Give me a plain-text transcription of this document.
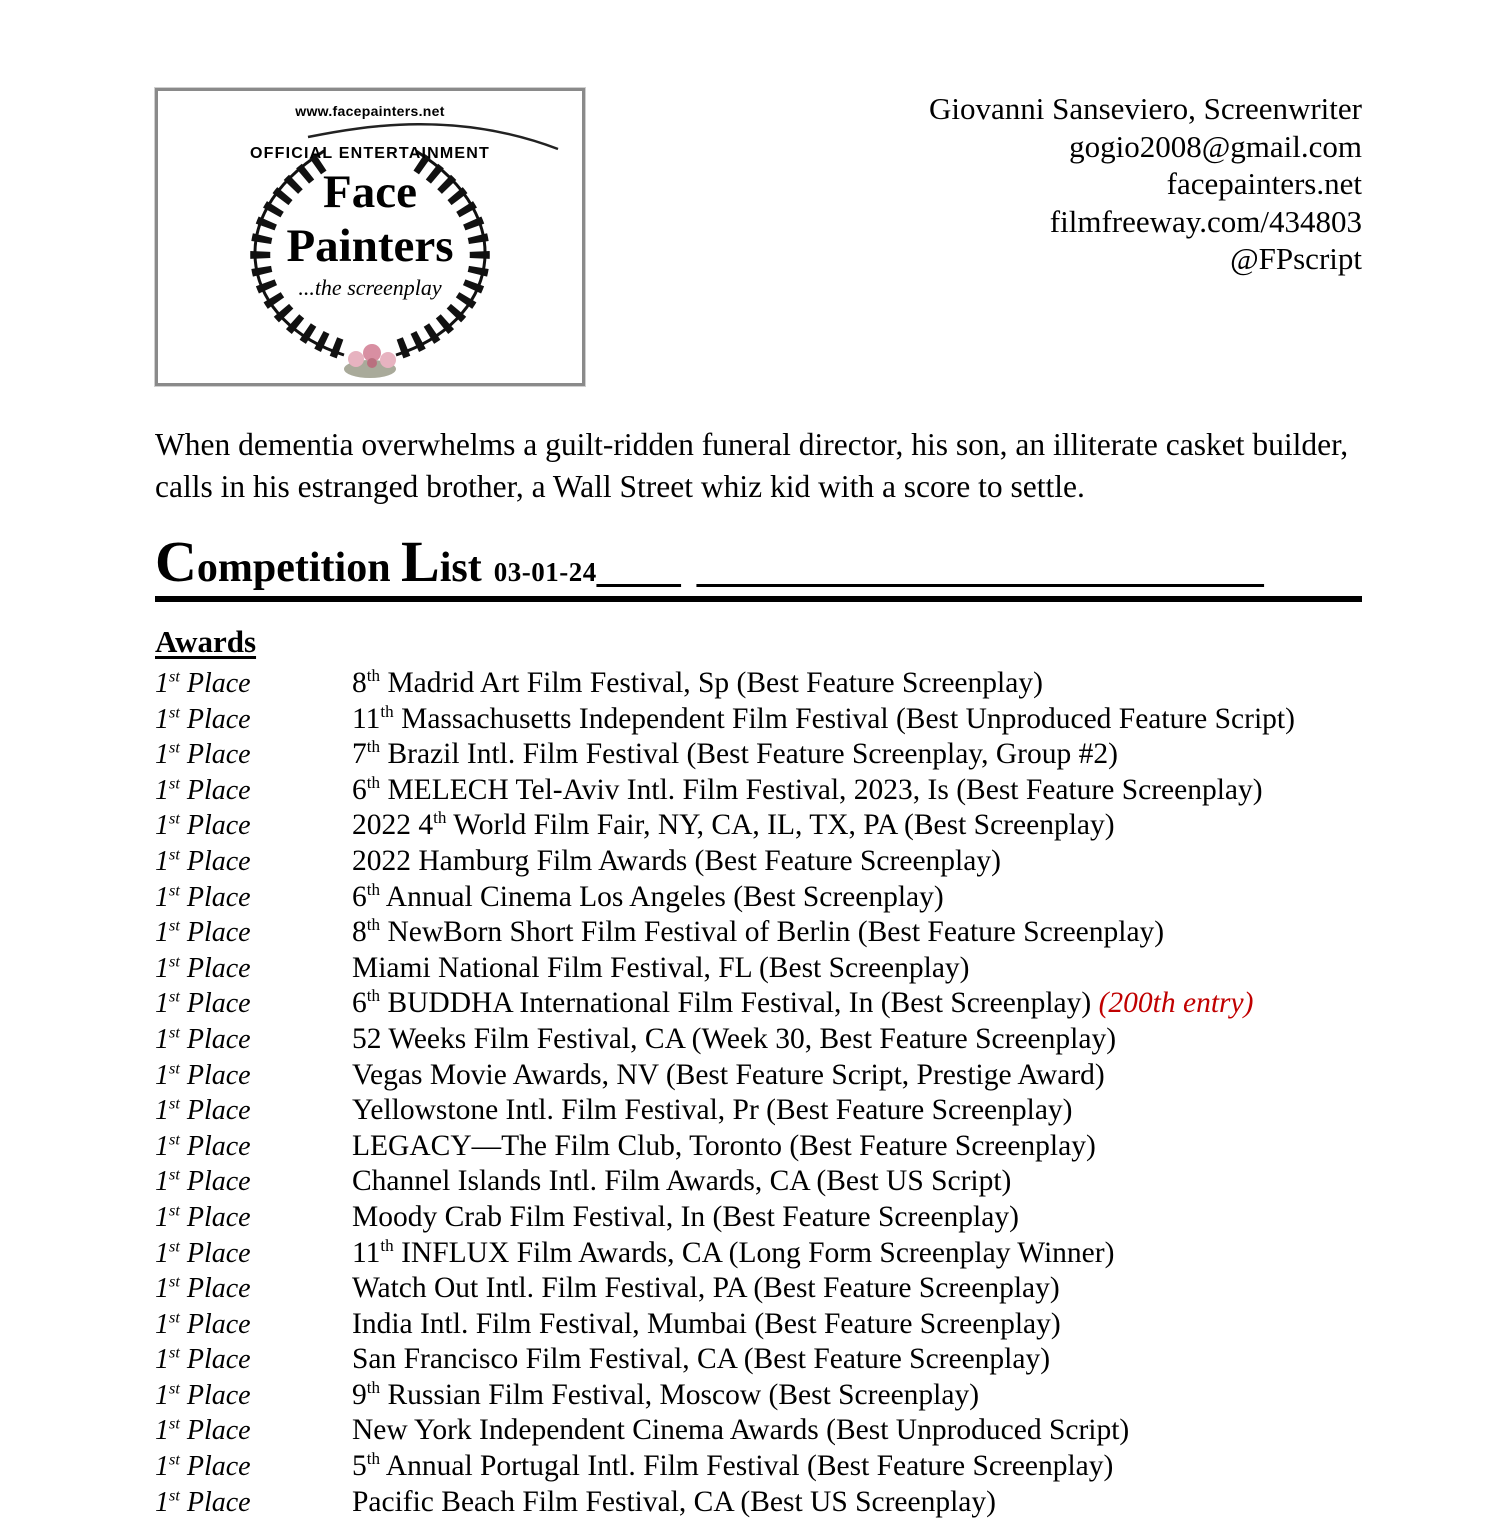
www.facepainters.net
OFFICIAL ENTERTAINMENT
Face
Painters
...the screenplay
Giovanni Sanseviero, Screenwriter
gogio2008@gmail.com
facepainters.net
filmfreeway.com/434803
@FPscript

When dementia overwhelms a guilt-ridden funeral director, his son, an illiterate casket builder, calls in his estranged brother, a Wall Street whiz kid with a score to settle.

Competition List 03-01-24____ ___________________________
Awards
1st Place	8th Madrid Art Film Festival, Sp (Best Feature Screenplay)
1st Place	11th Massachusetts Independent Film Festival (Best Unproduced Feature Script)
1st Place	7th Brazil Intl. Film Festival (Best Feature Screenplay, Group #2)
1st Place	6th MELECH Tel-Aviv Intl. Film Festival, 2023, Is (Best Feature Screenplay)
1st Place	2022 4th World Film Fair, NY, CA, IL, TX, PA (Best Screenplay)
1st Place	2022 Hamburg Film Awards (Best Feature Screenplay)
1st Place	6th Annual Cinema Los Angeles (Best Screenplay)
1st Place	8th NewBorn Short Film Festival of Berlin (Best Feature Screenplay)
1st Place	Miami National Film Festival, FL (Best Screenplay)
1st Place	6th BUDDHA International Film Festival, In (Best Screenplay) (200th entry)
1st Place	52 Weeks Film Festival, CA (Week 30, Best Feature Screenplay)
1st Place	Vegas Movie Awards, NV (Best Feature Script, Prestige Award)
1st Place	Yellowstone Intl. Film Festival, Pr (Best Feature Screenplay)
1st Place	LEGACY—The Film Club, Toronto (Best Feature Screenplay)
1st Place	Channel Islands Intl. Film Awards, CA (Best US Script)
1st Place	Moody Crab Film Festival, In (Best Feature Screenplay)
1st Place	11th INFLUX Film Awards, CA (Long Form Screenplay Winner)
1st Place	Watch Out Intl. Film Festival, PA (Best Feature Screenplay)
1st Place	India Intl. Film Festival, Mumbai (Best Feature Screenplay)
1st Place	San Francisco Film Festival, CA (Best Feature Screenplay)
1st Place	9th Russian Film Festival, Moscow (Best Screenplay)
1st Place	New York Independent Cinema Awards (Best Unproduced Script)
1st Place	5th Annual Portugal Intl. Film Festival (Best Feature Screenplay)
1st Place	Pacific Beach Film Festival, CA (Best US Screenplay)
